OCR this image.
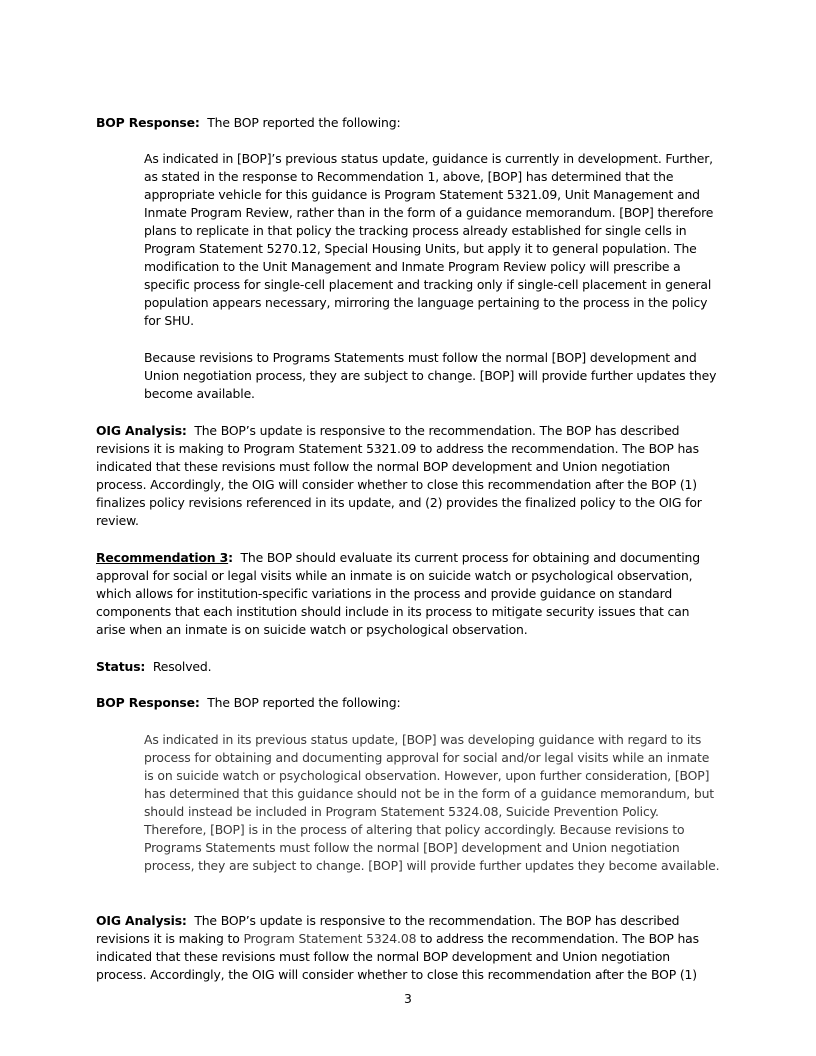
BOP Response: The BOP reported the following:

As indicated in [BOP]’s previous status update, guidance is currently in development. Further, as stated in the response to Recommendation 1, above, [BOP] has determined that the appropriate vehicle for this guidance is Program Statement 5321.09, Unit Management and Inmate Program Review, rather than in the form of a guidance memorandum. [BOP] therefore plans to replicate in that policy the tracking process already established for single cells in Program Statement 5270.12, Special Housing Units, but apply it to general population. The modification to the Unit Management and Inmate Program Review policy will prescribe a specific process for single-cell placement and tracking only if single-cell placement in general population appears necessary, mirroring the language pertaining to the process in the policy for SHU.

Because revisions to Programs Statements must follow the normal [BOP] development and Union negotiation process, they are subject to change. [BOP] will provide further updates they become available.

OIG Analysis: The BOP’s update is responsive to the recommendation. The BOP has described revisions it is making to Program Statement 5321.09 to address the recommendation. The BOP has indicated that these revisions must follow the normal BOP development and Union negotiation process. Accordingly, the OIG will consider whether to close this recommendation after the BOP (1) finalizes policy revisions referenced in its update, and (2) provides the finalized policy to the OIG for review.

Recommendation 3: The BOP should evaluate its current process for obtaining and documenting approval for social or legal visits while an inmate is on suicide watch or psychological observation, which allows for institution-specific variations in the process and provide guidance on standard components that each institution should include in its process to mitigate security issues that can arise when an inmate is on suicide watch or psychological observation.

Status: Resolved.

BOP Response: The BOP reported the following:

As indicated in its previous status update, [BOP] was developing guidance with regard to its process for obtaining and documenting approval for social and/or legal visits while an inmate is on suicide watch or psychological observation. However, upon further consideration, [BOP] has determined that this guidance should not be in the form of a guidance memorandum, but should instead be included in Program Statement 5324.08, Suicide Prevention Policy. Therefore, [BOP] is in the process of altering that policy accordingly. Because revisions to Programs Statements must follow the normal [BOP] development and Union negotiation process, they are subject to change. [BOP] will provide further updates they become available.

OIG Analysis: The BOP’s update is responsive to the recommendation. The BOP has described revisions it is making to Program Statement 5324.08 to address the recommendation. The BOP has indicated that these revisions must follow the normal BOP development and Union negotiation process. Accordingly, the OIG will consider whether to close this recommendation after the BOP (1)

3
